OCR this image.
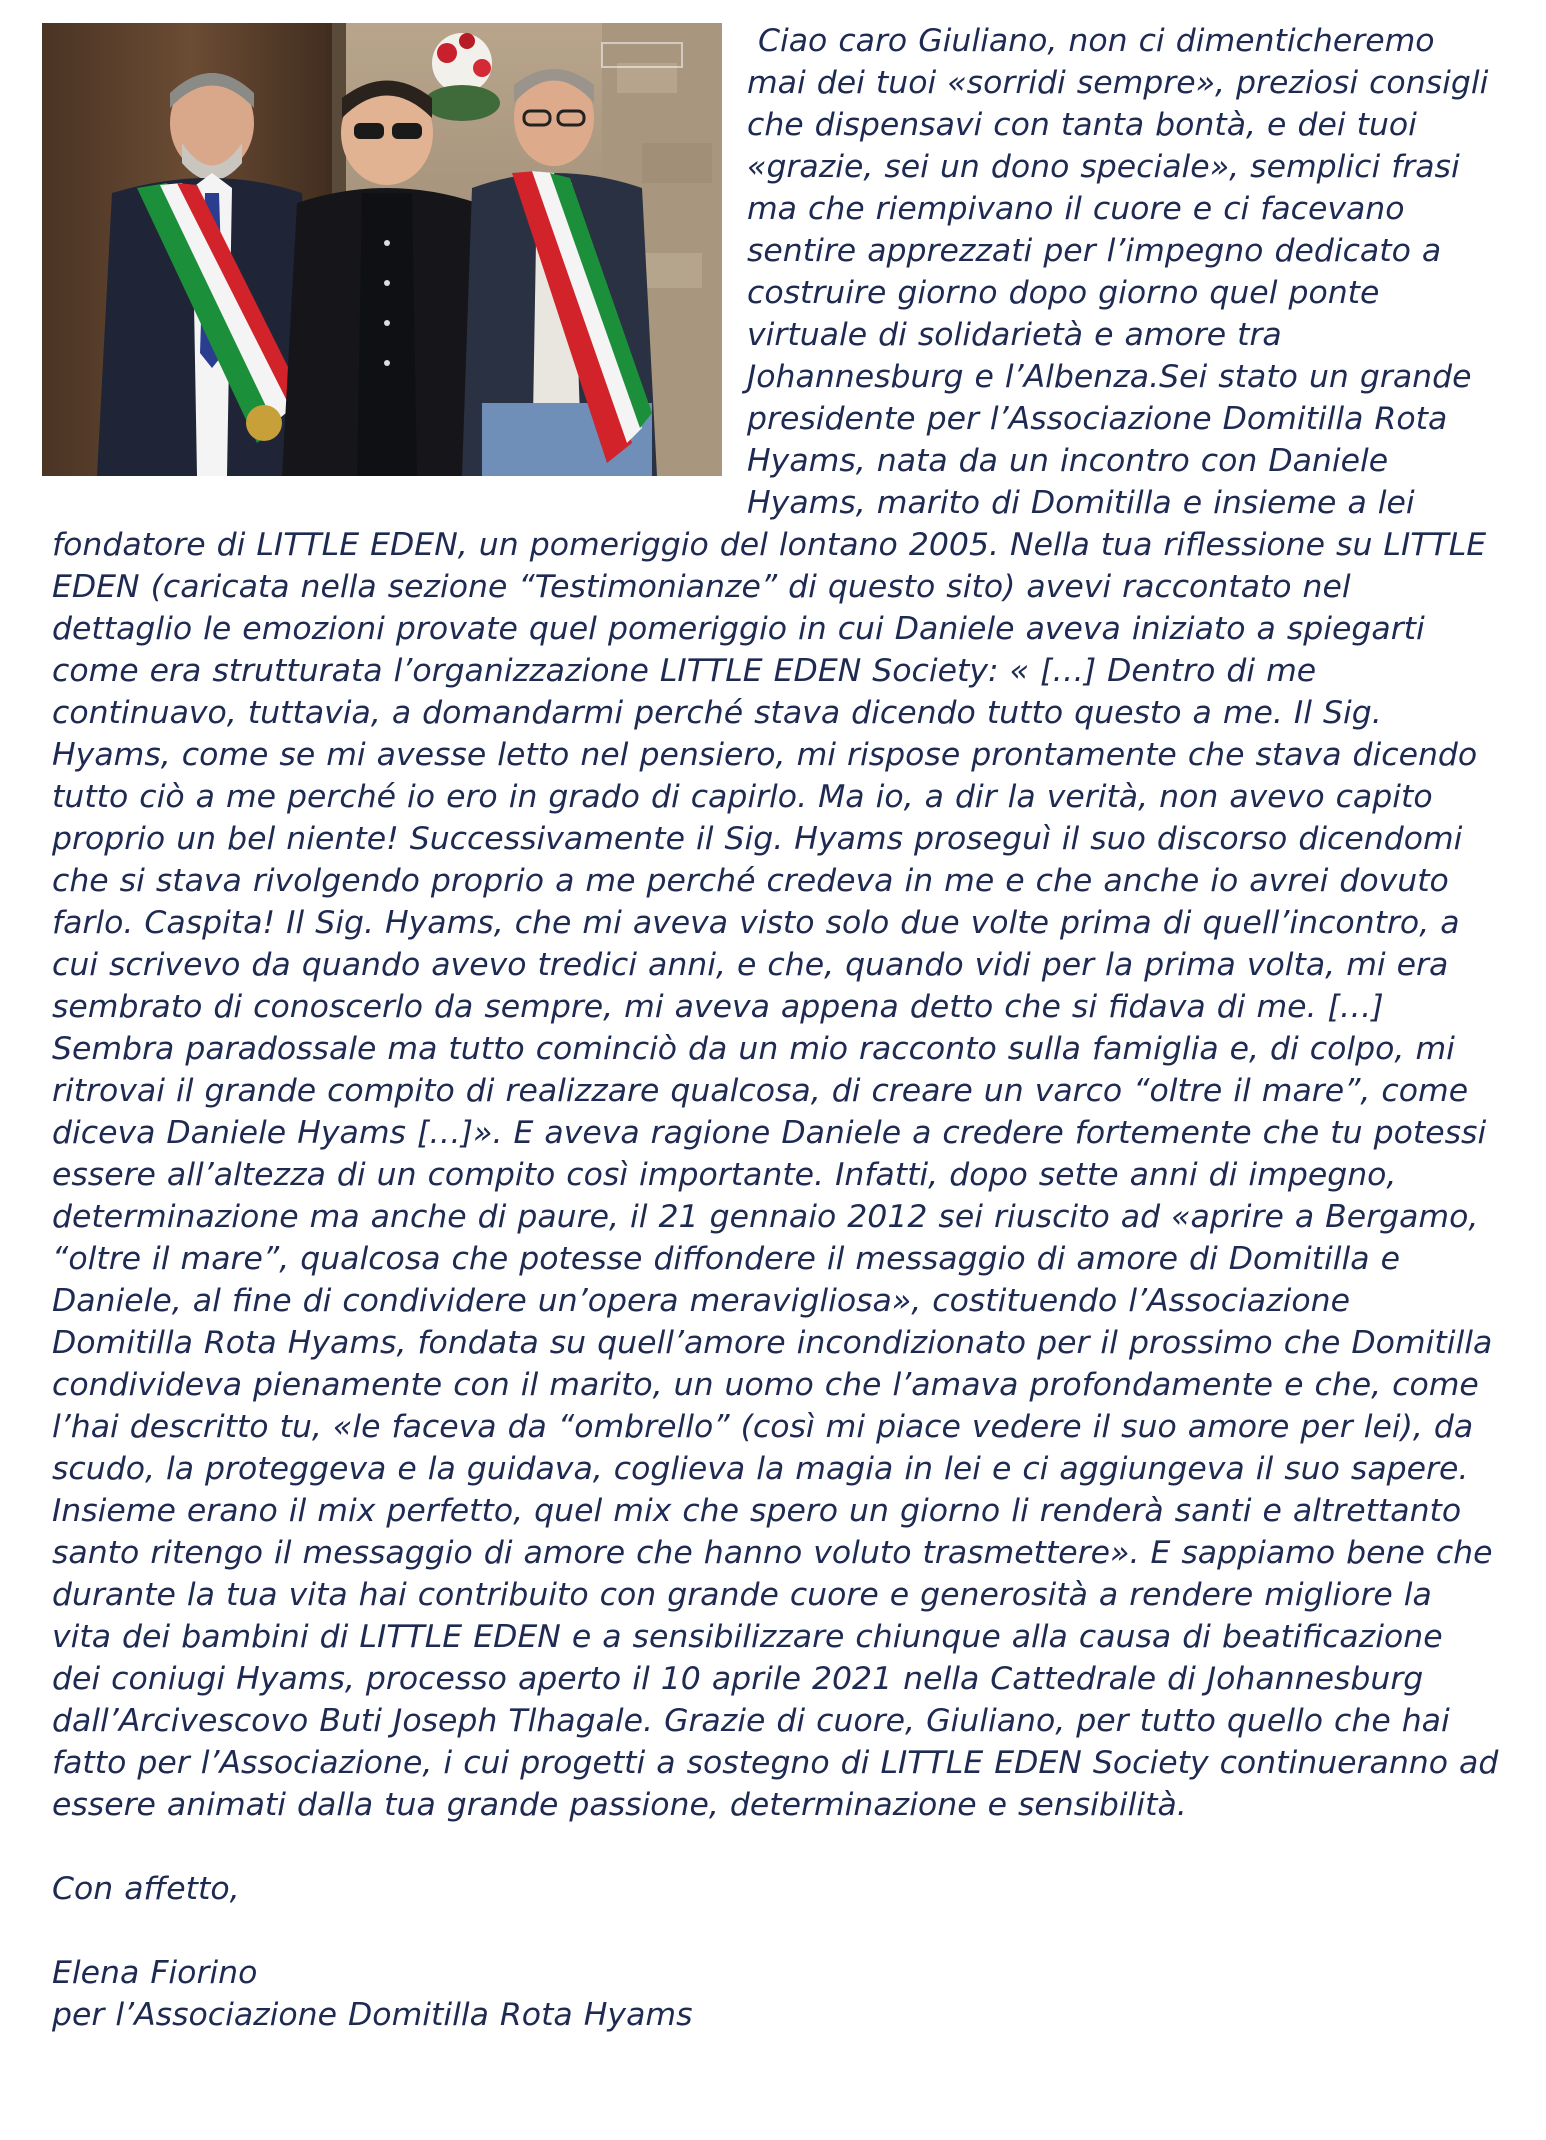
Ciao caro Giuliano, non ci dimenticheremo mai dei tuoi «sorridi sempre», preziosi consigli che dispensavi con tanta bontà, e dei tuoi «grazie, sei un dono speciale», semplici frasi ma che riempivano il cuore e ci facevano sentire apprezzati per l’impegno dedicato a costruire giorno dopo giorno quel ponte virtuale di solidarietà e amore tra Johannesburg e l’Albenza.Sei stato un grande presidente per l’Associazione Domitilla Rota Hyams, nata da un incontro con Daniele Hyams, marito di Domitilla e insieme a lei fondatore di LITTLE EDEN, un pomeriggio del lontano 2005. Nella tua riflessione su LITTLE EDEN (caricata nella sezione “Testimonianze” di questo sito) avevi raccontato nel dettaglio le emozioni provate quel pomeriggio in cui Daniele aveva iniziato a spiegarti come era strutturata l’organizzazione LITTLE EDEN Society: « […] Dentro di me continuavo, tuttavia, a domandarmi perché stava dicendo tutto questo a me. Il Sig. Hyams, come se mi avesse letto nel pensiero, mi rispose prontamente che stava dicendo tutto ciò a me perché io ero in grado di capirlo. Ma io, a dir la verità, non avevo capito proprio un bel niente! Successivamente il Sig. Hyams proseguì il suo discorso dicendomi che si stava rivolgendo proprio a me perché credeva in me e che anche io avrei dovuto farlo. Caspita! Il Sig. Hyams, che mi aveva visto solo due volte prima di quell’incontro, a cui scrivevo da quando avevo tredici anni, e che, quando vidi per la prima volta, mi era sembrato di conoscerlo da sempre, mi aveva appena detto che si fidava di me. […] Sembra paradossale ma tutto cominciò da un mio racconto sulla famiglia e, di colpo, mi ritrovai il grande compito di realizzare qualcosa, di creare un varco “oltre il mare”, come diceva Daniele Hyams […]». E aveva ragione Daniele a credere fortemente che tu potessi essere all’altezza di un compito così importante. Infatti, dopo sette anni di impegno, determinazione ma anche di paure, il 21 gennaio 2012 sei riuscito ad «aprire a Bergamo, “oltre il mare”, qualcosa che potesse diffondere il messaggio di amore di Domitilla e Daniele, al fine di condividere un’opera meravigliosa», costituendo l’Associazione Domitilla Rota Hyams, fondata su quell’amore incondizionato per il prossimo che Domitilla condivideva pienamente con il marito, un uomo che l’amava profondamente e che, come l’hai descritto tu, «le faceva da “ombrello” (così mi piace vedere il suo amore per lei), da scudo, la proteggeva e la guidava, coglieva la magia in lei e ci aggiungeva il suo sapere. Insieme erano il mix perfetto, quel mix che spero un giorno li renderà santi e altrettanto santo ritengo il messaggio di amore che hanno voluto trasmettere». E sappiamo bene che durante la tua vita hai contribuito con grande cuore e generosità a rendere migliore la vita dei bambini di LITTLE EDEN e a sensibilizzare chiunque alla causa di beatificazione dei coniugi Hyams, processo aperto il 10 aprile 2021 nella Cattedrale di Johannesburg dall’Arcivescovo Buti Joseph Tlhagale. Grazie di cuore, Giuliano, per tutto quello che hai fatto per l’Associazione, i cui progetti a sostegno di LITTLE EDEN Society continueranno ad essere animati dalla tua grande passione, determinazione e sensibilità.

Con affetto,

Elena Fiorino
per l’Associazione Domitilla Rota Hyams
